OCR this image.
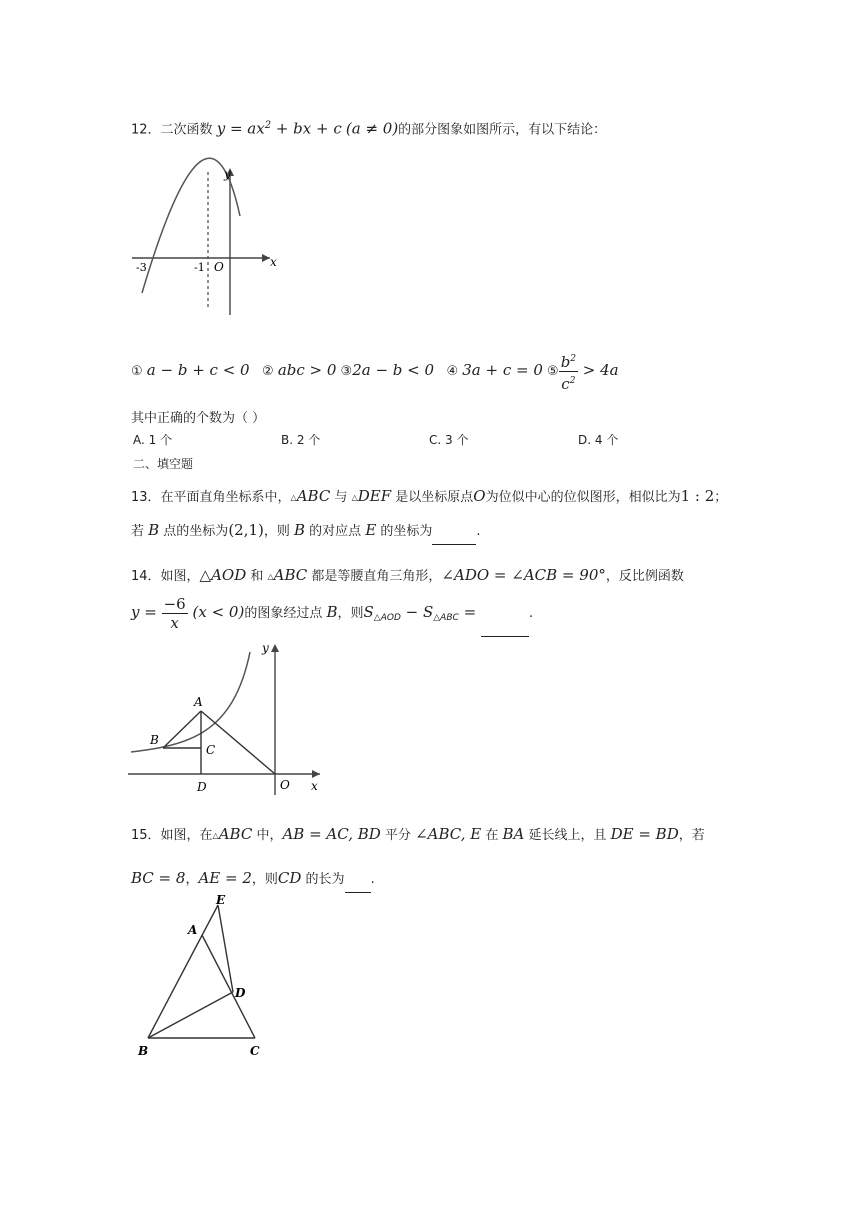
12．二次函数 $y = ax^2$ + bx + c (a ≠ 0)的部分图象如图所示，有以下结论：
y
x
O
-3	-1
① a − b + c < 0 ② abc > 0 ③2a − b < 0 ④ 3a + c = 0 ⑤ $\frac{b^2}{c^2} > 4a$
其中正确的个数为（ ）
A. 1 个	B. 2 个	C. 3 个	D. 4 个
二、填空题
13．在平面直角坐标系中，△ABC 与 △DEF 是以坐标原点O为位似中心的位似图形，相似比为1 : 2；
若 B 点的坐标为(2,1)，则 B 的对应点 E 的坐标为	.
14．如图，△AOD 和 △ABC 都是等腰直角三角形，∠ADO = ∠ACB = 90°，反比例函数
$y = \frac{-6}{x} (x < 0)$的图象经过点 B，则$S_{\triangle AOD} - S_{\triangle ABC}$ =	.
A
B
C
D	O x
y
15．如图，在△ABC 中，AB = AC, BD 平分 ∠ABC, E 在 BA 延长线上，且 DE = BD，若
BC = 8，AE = 2，则CD 的长为 .
E
A
D
B	C
